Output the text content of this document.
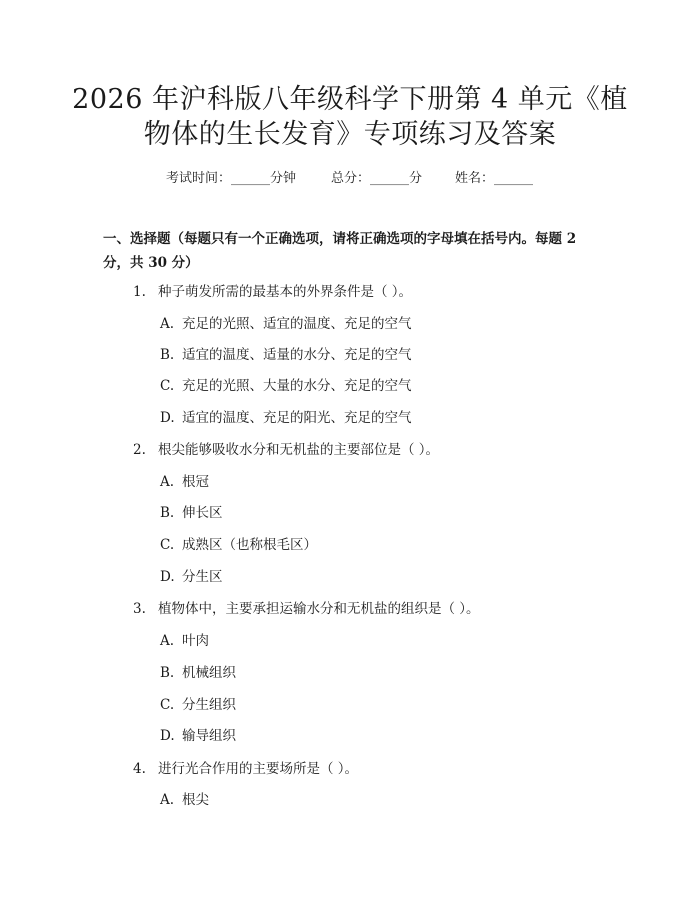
2026 年沪科版八年级科学下册第 4 单元《植
物体的生长发育》专项练习及答案
考试时间：______分钟	总分：______分	姓名：______
一、选择题（每题只有一个正确选项，请将正确选项的字母填在括号内。每题 2 分，共 30 分）
1. 种子萌发所需的最基本的外界条件是（ ）。
A. 充足的光照、适宜的温度、充足的空气
B. 适宜的温度、适量的水分、充足的空气
C. 充足的光照、大量的水分、充足的空气
D. 适宜的温度、充足的阳光、充足的空气
2. 根尖能够吸收水分和无机盐的主要部位是（ ）。
A. 根冠
B. 伸长区
C. 成熟区（也称根毛区）
D. 分生区
3. 植物体中，主要承担运输水分和无机盐的组织是（ ）。
A. 叶肉
B. 机械组织
C. 分生组织
D. 输导组织
4. 进行光合作用的主要场所是（ ）。
A. 根尖
